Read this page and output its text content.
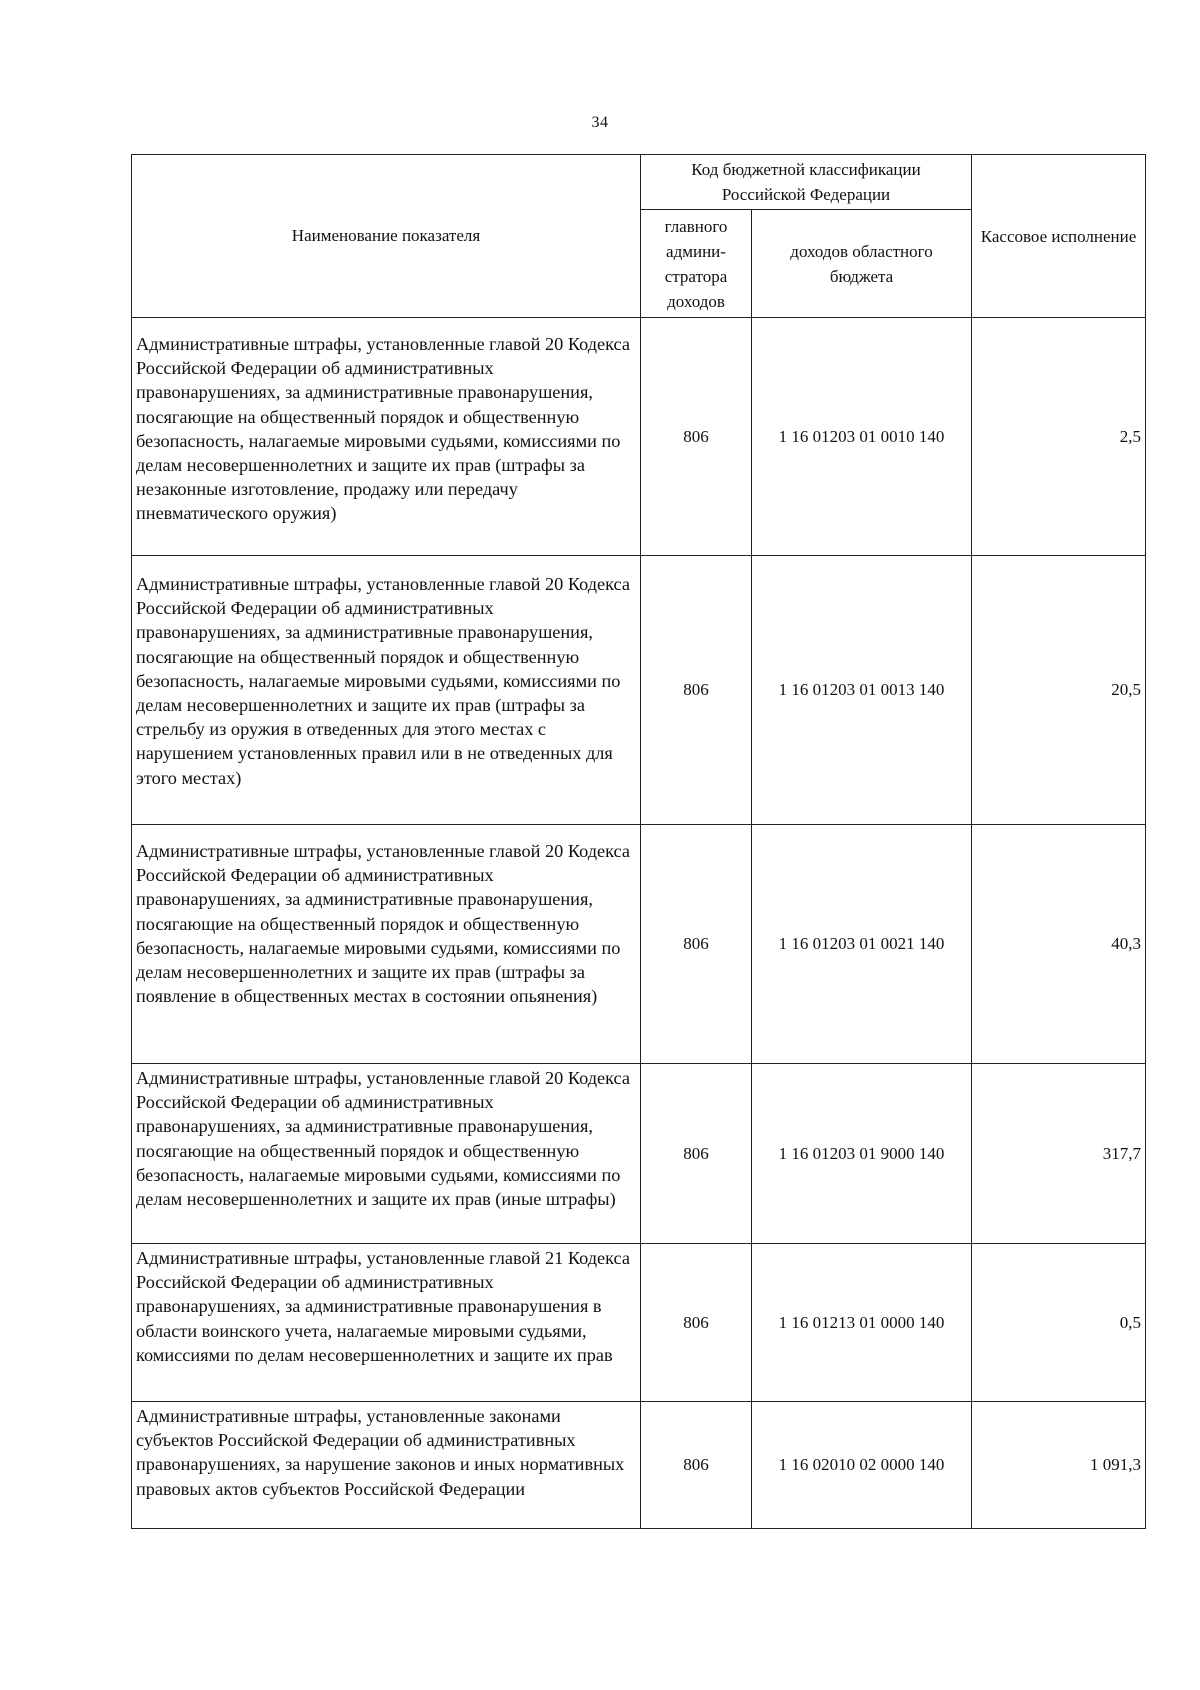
34
Наименование показателя	Код бюджетной классификации Российской Федерации		Кассовое исполнение

	главного админи-стратора доходов	доходов областного бюджета	

Административные штрафы, установленные главой 20 Кодекса Российской Федерации об административных правонарушениях, за административные правонарушения, посягающие на общественный порядок и общественную безопасность, налагаемые мировыми судьями, комиссиями по делам несовершеннолетних и защите их прав (штрафы за незаконные изготовление, продажу или передачу пневматического оружия)	806	1 16 01203 01 0010 140	2,5
Административные штрафы, установленные главой 20 Кодекса Российской Федерации об административных правонарушениях, за административные правонарушения, посягающие на общественный порядок и общественную безопасность, налагаемые мировыми судьями, комиссиями по делам несовершеннолетних и защите их прав (штрафы за стрельбу из оружия в отведенных для этого местах с нарушением установленных правил или в не отведенных для этого местах)	806	1 16 01203 01 0013 140	20,5
Административные штрафы, установленные главой 20 Кодекса Российской Федерации об административных правонарушениях, за административные правонарушения, посягающие на общественный порядок и общественную безопасность, налагаемые мировыми судьями, комиссиями по делам несовершеннолетних и защите их прав (штрафы за появление в общественных местах в состоянии опьянения)	806	1 16 01203 01 0021 140	40,3
Административные штрафы, установленные главой 20 Кодекса Российской Федерации об административных правонарушениях, за административные правонарушения, посягающие на общественный порядок и общественную безопасность, налагаемые мировыми судьями, комиссиями по делам несовершеннолетних и защите их прав (иные штрафы)	806	1 16 01203 01 9000 140	317,7
Административные штрафы, установленные главой 21 Кодекса Российской Федерации об административных правонарушениях, за административные правонарушения в области воинского учета, налагаемые мировыми судьями, комиссиями по делам несовершеннолетних и защите их прав	806	1 16 01213 01 0000 140	0,5
Административные штрафы, установленные законами субъектов Российской Федерации об административных правонарушениях, за нарушение законов и иных нормативных правовых актов субъектов Российской Федерации	806	1 16 02010 02 0000 140	1 091,3
